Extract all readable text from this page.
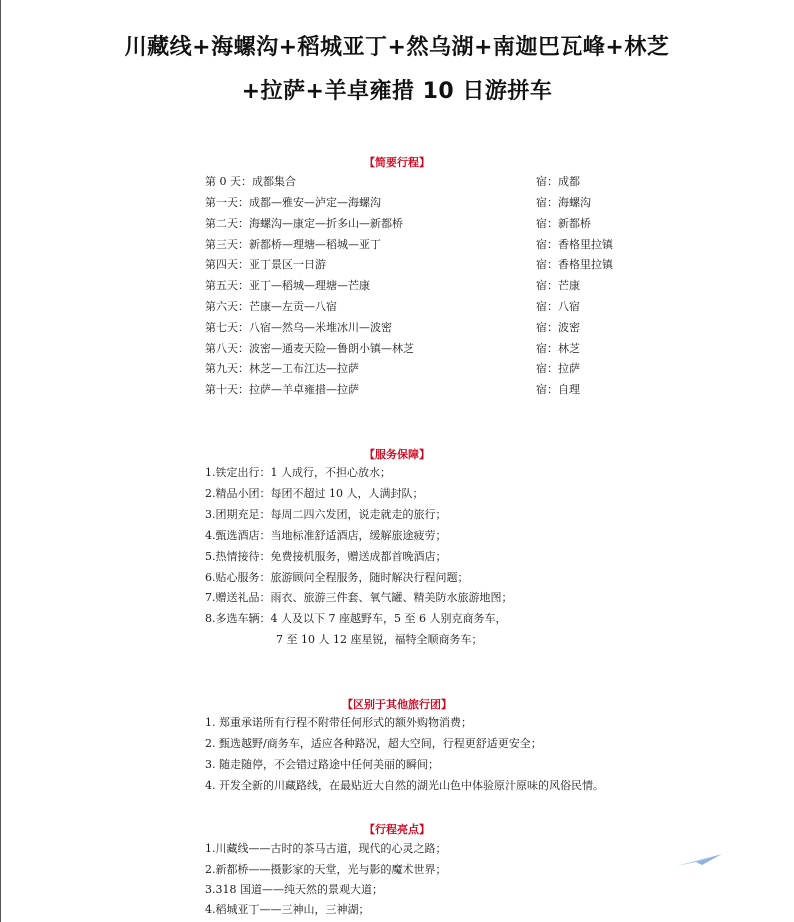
川藏线+海螺沟+稻城亚丁+然乌湖+南迦巴瓦峰+林芝
+拉萨+羊卓雍措 10 日游拼车
【简要行程】
第 0 天：成都集合	宿：成都
第一天：成都—雅安—泸定—海螺沟	宿：海螺沟
第二天：海螺沟—康定—折多山—新都桥	宿：新都桥
第三天：新都桥—理塘—稻城—亚丁	宿：香格里拉镇
第四天：亚丁景区一日游	宿：香格里拉镇
第五天：亚丁—稻城—理塘—芒康	宿：芒康
第六天：芒康—左贡—八宿	宿：八宿
第七天：八宿—然乌—米堆冰川—波密	宿：波密
第八天：波密—通麦天险—鲁朗小镇—林芝	宿：林芝
第九天：林芝—工布江达—拉萨	宿：拉萨
第十天：拉萨—羊卓雍措—拉萨	宿：自理
【服务保障】
1.铁定出行：1 人成行，不担心放水；
2.精品小团：每团不超过 10 人，人满封队；
3.团期充足：每周二四六发团，说走就走的旅行；
4.甄选酒店：当地标准舒适酒店，缓解旅途疲劳；
5.热情接待：免费接机服务，赠送成都首晚酒店；
6.贴心服务：旅游顾问全程服务，随时解决行程问题；
7.赠送礼品：雨衣、旅游三件套、氧气罐、精美防水旅游地图；
8.多选车辆：4 人及以下 7 座越野车，5 至 6 人别克商务车，
7 至 10 人 12 座星锐，福特全顺商务车；
【区别于其他旅行团】
1. 郑重承诺所有行程不附带任何形式的额外购物消费；
2. 甄选越野/商务车，适应各种路况，超大空间，行程更舒适更安全；
3. 随走随停，不会错过路途中任何美丽的瞬间；
4. 开发全新的川藏路线，在最贴近大自然的湖光山色中体验原汁原味的风俗民情。
【行程亮点】
1.川藏线——古时的茶马古道，现代的心灵之路；
2.新都桥——摄影家的天堂，光与影的魔术世界；
3.318 国道——纯天然的景观大道；
4.稻城亚丁——三神山，三神湖；
